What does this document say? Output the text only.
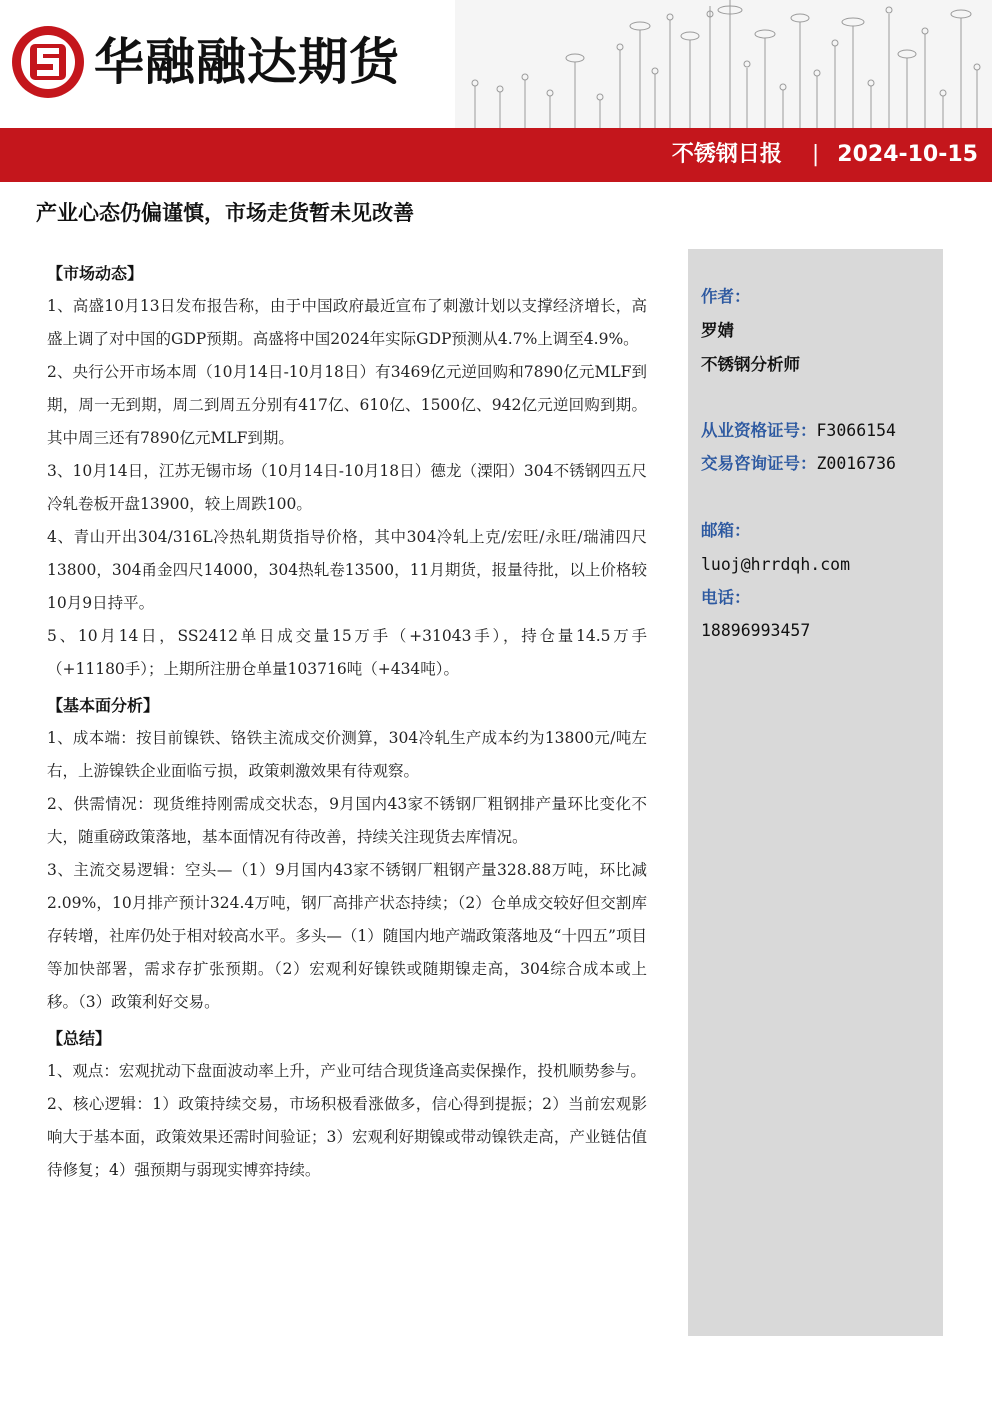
华融融达期货
不锈钢日报 | 2024-10-15
产业心态仍偏谨慎，市场走货暂未见改善
【市场动态】

1、高盛10月13日发布报告称，由于中国政府最近宣布了刺激计划以支撑经济增长，高盛上调了对中国的GDP预期。高盛将中国2024年实际GDP预测从4.7%上调至4.9%。

2、央行公开市场本周（10月14日-10月18日）有3469亿元逆回购和7890亿元MLF到期，周一无到期，周二到周五分别有417亿、610亿、1500亿、942亿元逆回购到期。其中周三还有7890亿元MLF到期。

3、10月14日，江苏无锡市场（10月14日-10月18日）德龙（溧阳）304不锈钢四五尺冷轧卷板开盘13900，较上周跌100。

4、青山开出304/316L冷热轧期货指导价格，其中304冷轧上克/宏旺/永旺/瑞浦四尺13800，304甬金四尺14000，304热轧卷13500，11月期货，报量待批，以上价格较10月9日持平。

5、10月14日，SS2412单日成交量15万手（+31043手），持仓量14.5万手（+11180手）；上期所注册仓单量103716吨（+434吨）。

【基本面分析】

1、成本端：按目前镍铁、铬铁主流成交价测算，304冷轧生产成本约为13800元/吨左右，上游镍铁企业面临亏损，政策刺激效果有待观察。

2、供需情况：现货维持刚需成交状态，9月国内43家不锈钢厂粗钢排产量环比变化不大，随重磅政策落地，基本面情况有待改善，持续关注现货去库情况。

3、主流交易逻辑：空头—（1）9月国内43家不锈钢厂粗钢产量328.88万吨，环比减2.09%，10月排产预计324.4万吨，钢厂高排产状态持续；（2）仓单成交较好但交割库存转增，社库仍处于相对较高水平。多头—（1）随国内地产端政策落地及“十四五”项目等加快部署，需求存扩张预期。（2）宏观利好镍铁或随期镍走高，304综合成本或上移。（3）政策利好交易。

【总结】

1、观点：宏观扰动下盘面波动率上升，产业可结合现货逢高卖保操作，投机顺势参与。

2、核心逻辑：1）政策持续交易，市场积极看涨做多，信心得到提振；2）当前宏观影响大于基本面，政策效果还需时间验证；3）宏观利好期镍或带动镍铁走高，产业链估值待修复；4）强预期与弱现实博弈持续。

作者：
罗婧
不锈钢分析师
从业资格证号：F3066154
交易咨询证号：Z0016736
邮箱：
luoj@hrrdqh.com
电话：
18896993457
